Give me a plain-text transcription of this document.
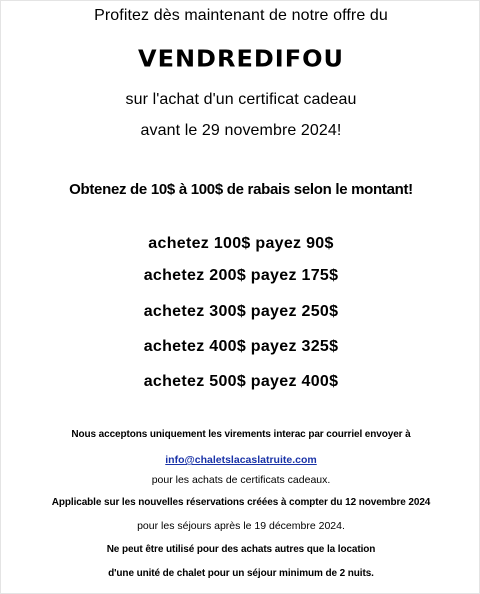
Profitez dès maintenant de notre offre du
VENDREDIFOU
sur l'achat d'un certificat cadeau
avant le 29 novembre 2024!
Obtenez de 10$ à 100$ de rabais selon le montant!
achetez 100$ payez 90$
achetez 200$ payez 175$
achetez 300$ payez 250$
achetez 400$ payez 325$
achetez 500$ payez 400$
Nous acceptons uniquement les virements interac par courriel envoyer à
info@chaletslacaslatruite.com
pour les achats de certificats cadeaux.
Applicable sur les nouvelles réservations créées à compter du 12 novembre 2024
pour les séjours après le 19 décembre 2024.
Ne peut être utilisé pour des achats autres que la location
d'une unité de chalet pour un séjour minimum de 2 nuits.
